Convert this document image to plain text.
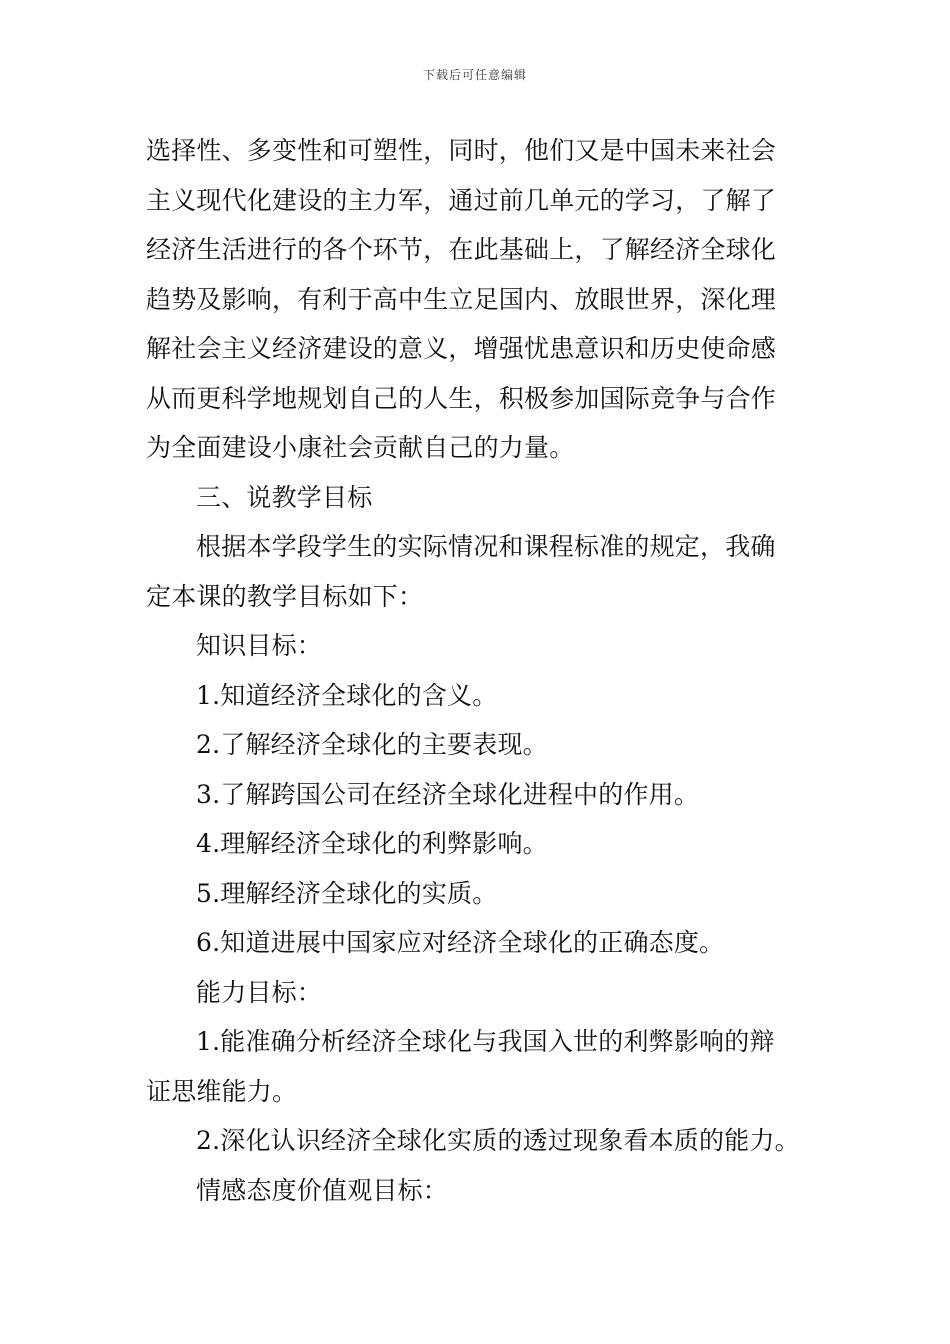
下载后可任意编辑

选择性、多变性和可塑性，同时，他们又是中国未来社会

主义现代化建设的主力军，通过前几单元的学习，了解了

经济生活进行的各个环节，在此基础上，了解经济全球化

趋势及影响，有利于高中生立足国内、放眼世界，深化理

解社会主义经济建设的意义，增强忧患意识和历史使命感

从而更科学地规划自己的人生，积极参加国际竞争与合作

为全面建设小康社会贡献自己的力量。

三、说教学目标

根据本学段学生的实际情况和课程标准的规定，我确

定本课的教学目标如下：

知识目标：

1.知道经济全球化的含义。

2.了解经济全球化的主要表现。

3.了解跨国公司在经济全球化进程中的作用。

4.理解经济全球化的利弊影响。

5.理解经济全球化的实质。

6.知道进展中国家应对经济全球化的正确态度。

能力目标：

1.能准确分析经济全球化与我国入世的利弊影响的辩

证思维能力。

2.深化认识经济全球化实质的透过现象看本质的能力。

情感态度价值观目标：
